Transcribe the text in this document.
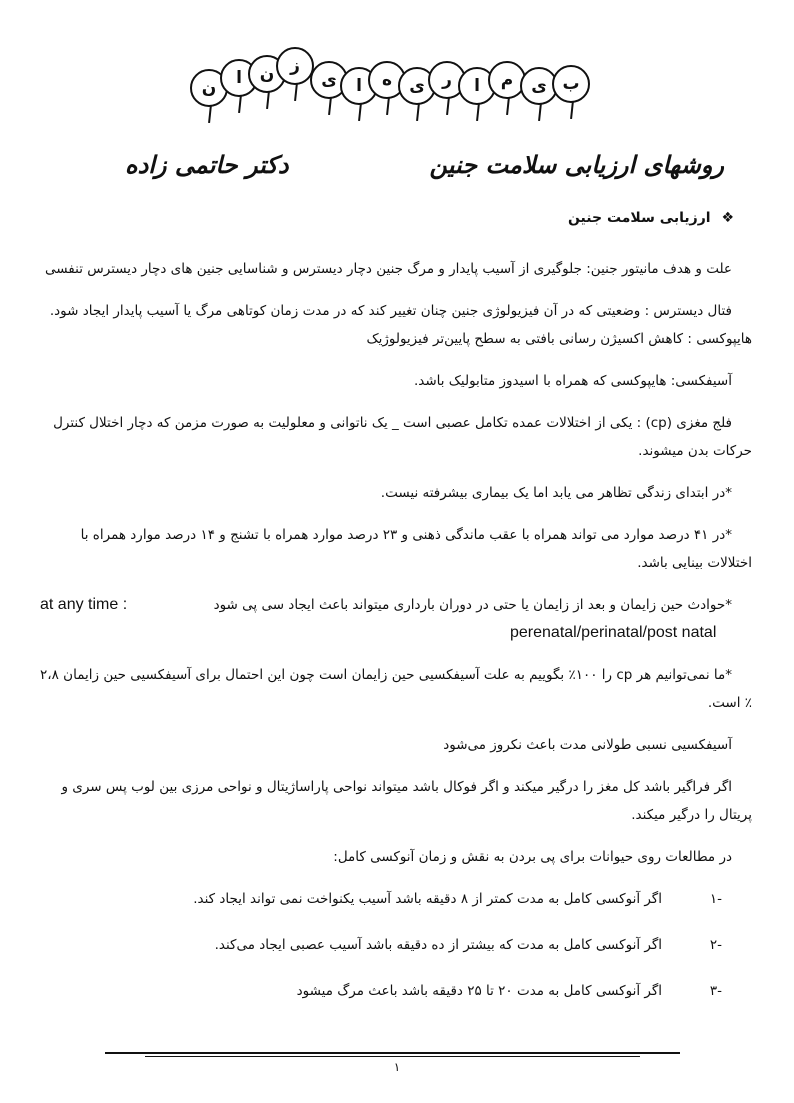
ن	ا	ن ز
ی	ا	ه	ی	ر	ا	م	ی ب
روشهای ارزیابی سلامت جنین
دکتر حاتمی زاده
❖ ارزیابی سلامت جنین

علت و هدف مانیتور جنین: جلوگیری از آسیب پایدار و مرگ جنین دچار دیسترس و شناسایی جنین های دچار دیسترس تنفسی

فتال دیسترس : وضعیتی که در آن فیزیولوژی جنین چنان تغییر کند که در مدت زمان کوتاهی مرگ یا آسیب پایدار ایجاد شود. هایپوکسی : کاهش اکسیژن رسانی بافتی به سطح پایین‌تر فیزیولوژیک

آسیفکسی: هایپوکسی که همراه با اسیدوز متابولیک باشد.

فلج مغزی (cp) : یکی از اختلالات عمده تکامل عصبی است _ یک ناتوانی و معلولیت به صورت مزمن که دچار اختلال کنترل حرکات بدن میشوند.

*در ابتدای زندگی تظاهر می یابد اما یک بیماری بیشرفته نیست.

*در ۴۱ درصد موارد می تواند همراه با عقب ماندگی ذهنی و ۲۳ درصد موارد همراه با تشنج و ۱۴ درصد موارد همراه با اختلالات بینایی باشد.

*حوادث حین زایمان و بعد از زایمان یا حتی در دوران بارداری میتواند باعث ایجاد سی پی شود
at any time :
perenatal/perinatal/post natal

*ما نمی‌توانیم هر cp را ۱۰۰٪ بگوییم به علت آسیفکسیی حین زایمان است چون این احتمال برای آسیفکسیی حین زایمان ۲،۸ ٪ است.

آسیفکسیی نسبی طولانی مدت باعث نکروز می‌شود

اگر فراگیر باشد کل مغز را درگیر میکند و اگر فوکال باشد میتواند نواحی پاراساژیتال و نواحی مرزی بین لوب پس سری و پریتال را درگیر میکند.

در مطالعات روی حیوانات برای پی بردن به نقش و زمان آنوکسی کامل:

-۱
اگر آنوکسی کامل به مدت کمتر از ۸ دقیقه باشد آسیب یکنواخت نمی تواند ایجاد کند.
-۲
اگر آنوکسی کامل به مدت که بیشتر از ده دقیقه باشد آسیب عصبی ایجاد می‌کند.
-۳
اگر آنوکسی کامل به مدت ۲۰ تا ۲۵ دقیقه باشد باعث مرگ میشود
۱
